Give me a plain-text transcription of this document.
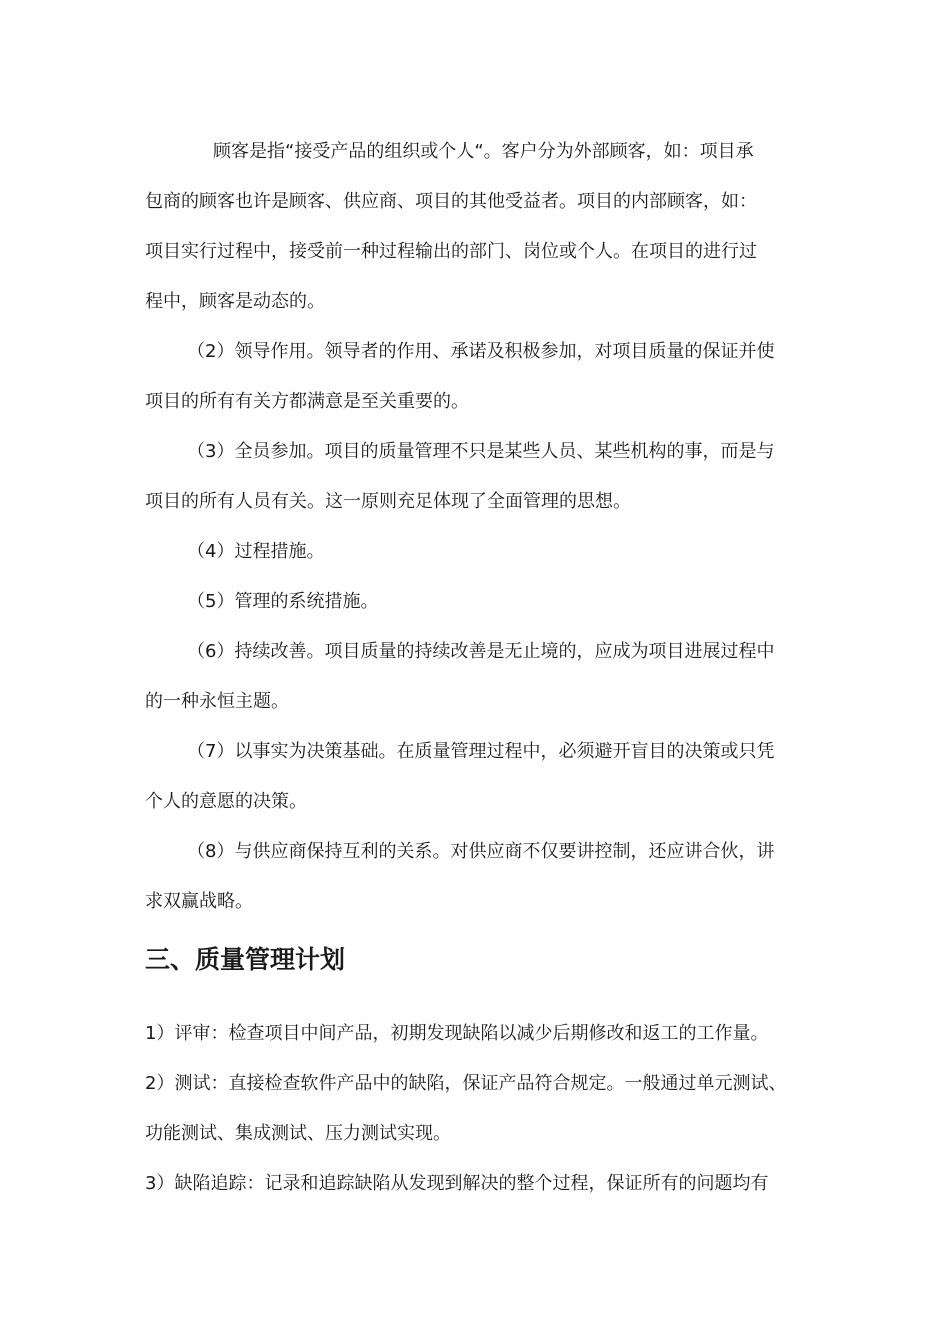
顾客是指“接受产品的组织或个人“。客户分为外部顾客，如：项目承
包商的顾客也许是顾客、供应商、项目的其他受益者。项目的内部顾客，如：
项目实行过程中，接受前一种过程输出的部门、岗位或个人。在项目的进行过
程中，顾客是动态的。
（2）领导作用。领导者的作用、承诺及积极参加，对项目质量的保证并使
项目的所有有关方都满意是至关重要的。
（3）全员参加。项目的质量管理不只是某些人员、某些机构的事，而是与
项目的所有人员有关。这一原则充足体现了全面管理的思想。
（4）过程措施。
（5）管理的系统措施。
（6）持续改善。项目质量的持续改善是无止境的，应成为项目进展过程中
的一种永恒主题。
（7）以事实为决策基础。在质量管理过程中，必须避开盲目的决策或只凭
个人的意愿的决策。
（8）与供应商保持互利的关系。对供应商不仅要讲控制，还应讲合伙，讲
求双赢战略。
三、质量管理计划
1）评审：检查项目中间产品，初期发现缺陷以减少后期修改和返工的工作量。
2）测试：直接检查软件产品中的缺陷，保证产品符合规定。一般通过单元测试、
功能测试、集成测试、压力测试实现。
3）缺陷追踪：记录和追踪缺陷从发现到解决的整个过程，保证所有的问题均有
